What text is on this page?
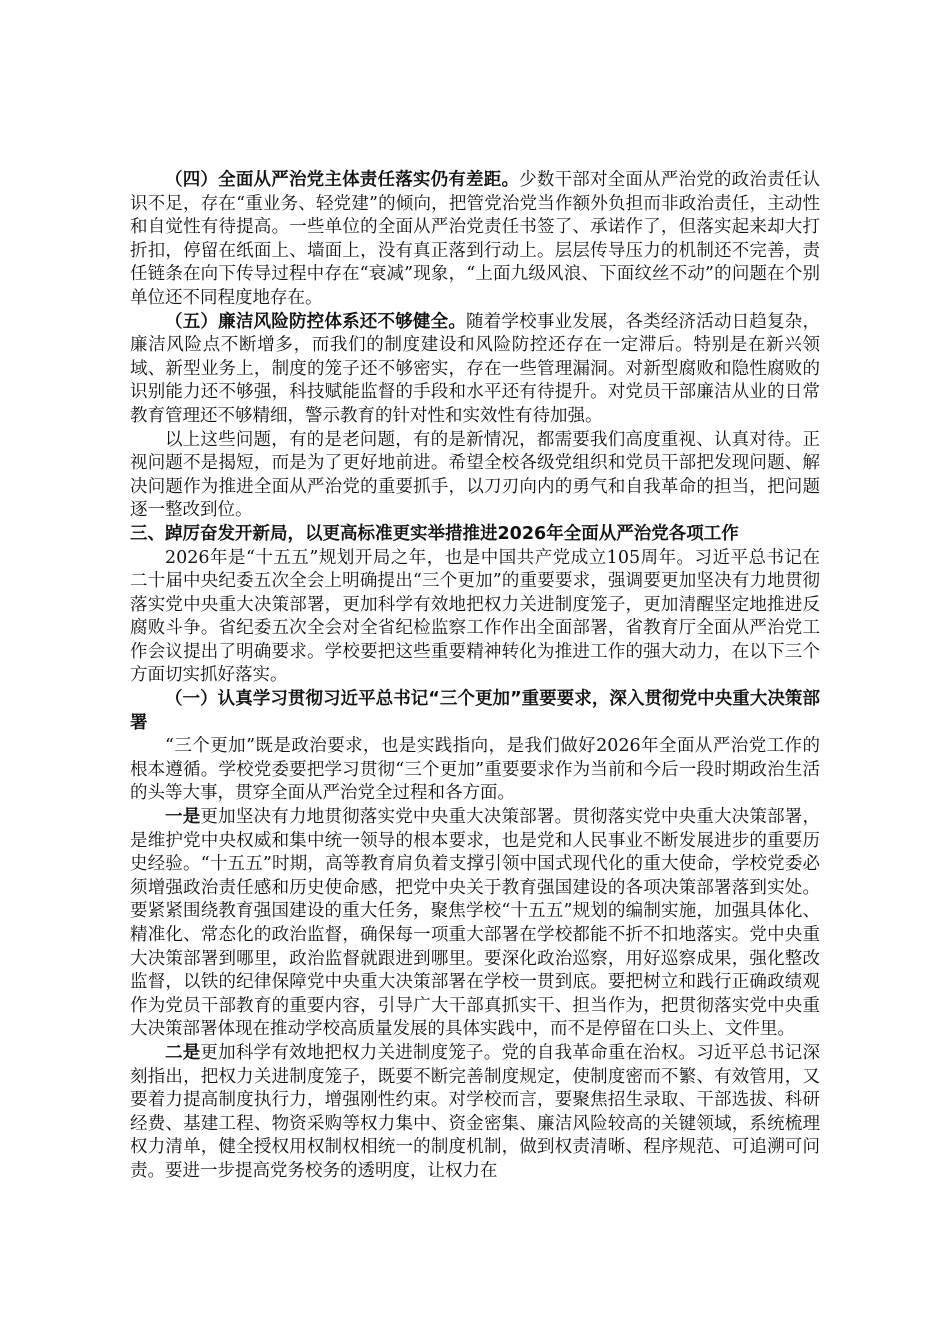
（四）全面从严治党主体责任落实仍有差距。少数干部对全面从严治党的政治责任认识不足，存在“重业务、轻党建”的倾向，把管党治党当作额外负担而非政治责任，主动性和自觉性有待提高。一些单位的全面从严治党责任书签了、承诺作了，但落实起来却大打折扣，停留在纸面上、墙面上，没有真正落到行动上。层层传导压力的机制还不完善，责任链条在向下传导过程中存在“衰减”现象，“上面九级风浪、下面纹丝不动”的问题在个别单位还不同程度地存在。

（五）廉洁风险防控体系还不够健全。随着学校事业发展，各类经济活动日趋复杂，廉洁风险点不断增多，而我们的制度建设和风险防控还存在一定滞后。特别是在新兴领域、新型业务上，制度的笼子还不够密实，存在一些管理漏洞。对新型腐败和隐性腐败的识别能力还不够强，科技赋能监督的手段和水平还有待提升。对党员干部廉洁从业的日常教育管理还不够精细，警示教育的针对性和实效性有待加强。

以上这些问题，有的是老问题，有的是新情况，都需要我们高度重视、认真对待。正视问题不是揭短，而是为了更好地前进。希望全校各级党组织和党员干部把发现问题、解决问题作为推进全面从严治党的重要抓手，以刀刃向内的勇气和自我革命的担当，把问题逐一整改到位。

三、踔厉奋发开新局，以更高标准更实举措推进2026年全面从严治党各项工作

2026年是“十五五”规划开局之年，也是中国共产党成立105周年。习近平总书记在二十届中央纪委五次全会上明确提出“三个更加”的重要要求，强调要更加坚决有力地贯彻落实党中央重大决策部署，更加科学有效地把权力关进制度笼子，更加清醒坚定地推进反腐败斗争。省纪委五次全会对全省纪检监察工作作出全面部署，省教育厅全面从严治党工作会议提出了明确要求。学校要把这些重要精神转化为推进工作的强大动力，在以下三个方面切实抓好落实。

（一）认真学习贯彻习近平总书记“三个更加”重要要求，深入贯彻党中央重大决策部署

“三个更加”既是政治要求，也是实践指向，是我们做好2026年全面从严治党工作的根本遵循。学校党委要把学习贯彻“三个更加”重要要求作为当前和今后一段时期政治生活的头等大事，贯穿全面从严治党全过程和各方面。

一是更加坚决有力地贯彻落实党中央重大决策部署。贯彻落实党中央重大决策部署，是维护党中央权威和集中统一领导的根本要求，也是党和人民事业不断发展进步的重要历史经验。“十五五”时期，高等教育肩负着支撑引领中国式现代化的重大使命，学校党委必须增强政治责任感和历史使命感，把党中央关于教育强国建设的各项决策部署落到实处。要紧紧围绕教育强国建设的重大任务，聚焦学校“十五五”规划的编制实施，加强具体化、精准化、常态化的政治监督，确保每一项重大部署在学校都能不折不扣地落实。党中央重大决策部署到哪里，政治监督就跟进到哪里。要深化政治巡察，用好巡察成果，强化整改监督，以铁的纪律保障党中央重大决策部署在学校一贯到底。要把树立和践行正确政绩观作为党员干部教育的重要内容，引导广大干部真抓实干、担当作为，把贯彻落实党中央重大决策部署体现在推动学校高质量发展的具体实践中，而不是停留在口头上、文件里。

二是更加科学有效地把权力关进制度笼子。党的自我革命重在治权。习近平总书记深刻指出，把权力关进制度笼子，既要不断完善制度规定，使制度密而不繁、有效管用，又要着力提高制度执行力，增强刚性约束。对学校而言，要聚焦招生录取、干部选拔、科研经费、基建工程、物资采购等权力集中、资金密集、廉洁风险较高的关键领域，系统梳理权力清单，健全授权用权制权相统一的制度机制，做到权责清晰、程序规范、可追溯可问责。要进一步提高党务校务的透明度，让权力在
